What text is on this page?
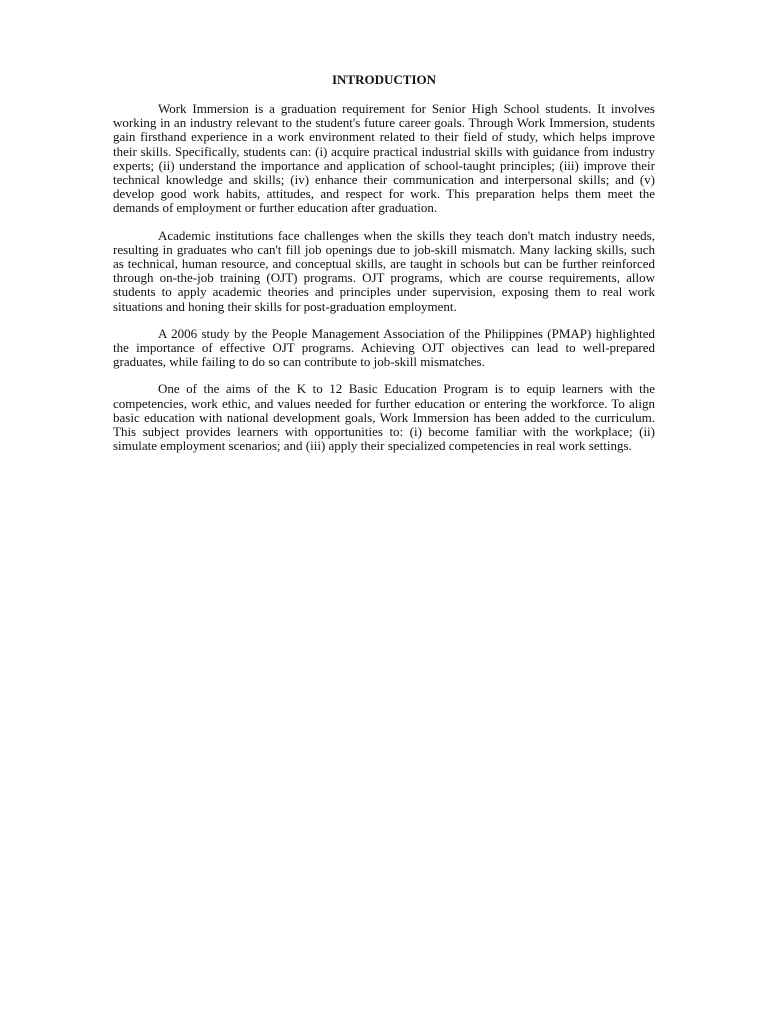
INTRODUCTION

Work Immersion is a graduation requirement for Senior High School students. It involves working in an industry relevant to the student's future career goals. Through Work Immersion, students gain firsthand experience in a work environment related to their field of study, which helps improve their skills. Specifically, students can: (i) acquire practical industrial skills with guidance from industry experts; (ii) understand the importance and application of school-taught principles; (iii) improve their technical knowledge and skills; (iv) enhance their communication and interpersonal skills; and (v) develop good work habits, attitudes, and respect for work. This preparation helps them meet the demands of employment or further education after graduation.

Academic institutions face challenges when the skills they teach don't match industry needs, resulting in graduates who can't fill job openings due to job-skill mismatch. Many lacking skills, such as technical, human resource, and conceptual skills, are taught in schools but can be further reinforced through on-the-job training (OJT) programs. OJT programs, which are course requirements, allow students to apply academic theories and principles under supervision, exposing them to real work situations and honing their skills for post-graduation employment.

A 2006 study by the People Management Association of the Philippines (PMAP) highlighted the importance of effective OJT programs. Achieving OJT objectives can lead to well-prepared graduates, while failing to do so can contribute to job-skill mismatches.

One of the aims of the K to 12 Basic Education Program is to equip learners with the competencies, work ethic, and values needed for further education or entering the workforce. To align basic education with national development goals, Work Immersion has been added to the curriculum. This subject provides learners with opportunities to: (i) become familiar with the workplace; (ii) simulate employment scenarios; and (iii) apply their specialized competencies in real work settings.
